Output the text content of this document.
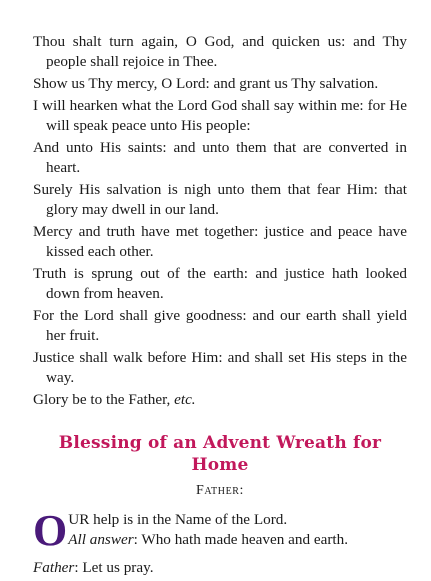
Thou shalt turn again, O God, and quicken us: and Thy people shall rejoice in Thee.

Show us Thy mercy, O Lord: and grant us Thy salvation.

I will hearken what the Lord God shall say within me: for He will speak peace unto His people:

And unto His saints: and unto them that are converted in heart.

Surely His salvation is nigh unto them that fear Him: that glory may dwell in our land.

Mercy and truth have met together: justice and peace have kissed each other.

Truth is sprung out of the earth: and justice hath looked down from heaven.

For the Lord shall give goodness: and our earth shall yield her fruit.

Justice shall walk before Him: and shall set His steps in the way.

Glory be to the Father, etc.

Blessing of an Advent Wreath for Home
Father:
O UR help is in the Name of the Lord.
All answer: Who hath made heaven and earth.
Father: Let us pray.
